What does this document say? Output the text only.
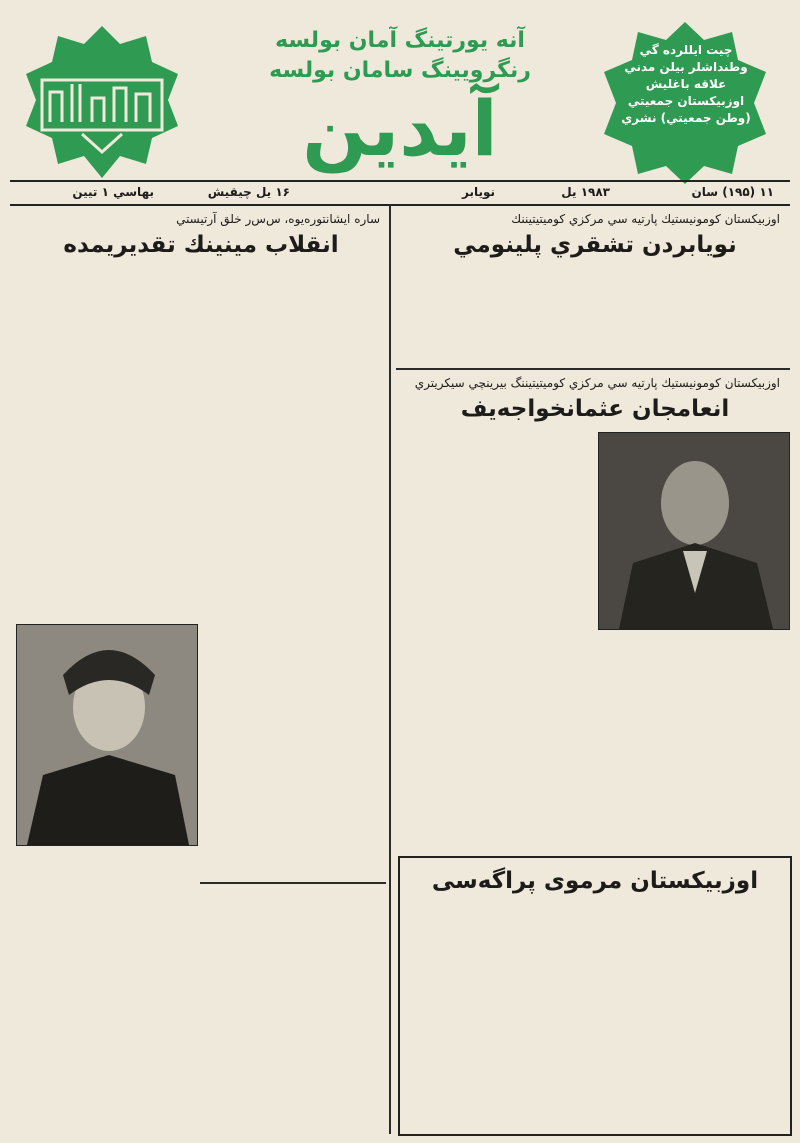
چيت ايللرده گي وطنداشلر بيلن مدني علاقه باغليش اوزبيكستان جمعيتي (وطن جمعيتي) نشري
آنه يورتينگ آمان بولسه
رنگرويينگ سامان بولسه
آيدين
۱۱ (۱۹۵) سان
۱۹۸۳ يل
نويابر
۱۶ يل چيقيش
بهاسي ۱ تيين
اوزبيكستان كومونيستيك پارتيه سي مركزي كوميتيتيننك
نويابردن تشقري پلينومي
اوزبيكستان كومونيستيك پارتيه سي مركزي كوميتيتيننگ بيرينچي سيكريتري
انعامجان عثمانخواجه‌يف
اوزبيكستان مرموى پراگه‌سى
ساره ايشانتوره‌يوه، س‌س‌ر خلق آرتيستي
انقلاب مينينك تقديريمده
